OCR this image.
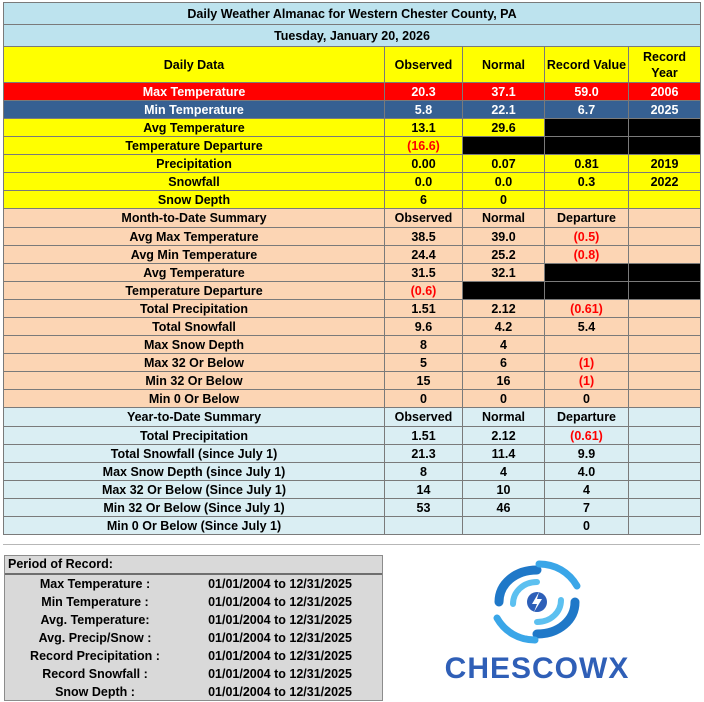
Daily Weather Almanac for Western Chester County, PA				
Tuesday, January 20, 2026				
Daily Data	Observed	Normal	Record Value	Record Year
Max Temperature	20.3	37.1	59.0	2006
Min Temperature	5.8	22.1	6.7	2025
Avg Temperature	13.1	29.6		
Temperature Departure	(16.6)			
Precipitation	0.00	0.07	0.81	2019
Snowfall	0.0	0.0	0.3	2022
Snow Depth	6	0		
Month-to-Date Summary	Observed	Normal	Departure	
Avg Max Temperature	38.5	39.0	(0.5)	
Avg Min Temperature	24.4	25.2	(0.8)	
Avg Temperature	31.5	32.1		
Temperature Departure	(0.6)			
Total Precipitation	1.51	2.12	(0.61)	
Total Snowfall	9.6	4.2	5.4	
Max Snow Depth	8	4		
Max 32 Or Below	5	6	(1)	
Min 32 Or Below	15	16	(1)	
Min 0 Or Below	0	0	0	
Year-to-Date Summary	Observed	Normal	Departure	
Total Precipitation	1.51	2.12	(0.61)	
Total Snowfall (since July 1)	21.3	11.4	9.9	
Max Snow Depth (since July 1)	8	4	4.0	
Max 32 Or Below (Since July 1)	14	10	4	
Min 32 Or Below (Since July 1)	53	46	7	
Min 0 Or Below (Since July 1)			0	
Period of Record:
Max Temperature :	01/01/2004 to 12/31/2025
Min Temperature :	01/01/2004 to 12/31/2025
Avg. Temperature:	01/01/2004 to 12/31/2025
Avg. Precip/Snow :	01/01/2004 to 12/31/2025
Record Precipitation :	01/01/2004 to 12/31/2025
Record Snowfall :	01/01/2004 to 12/31/2025
Snow Depth :	01/01/2004 to 12/31/2025
CHESCOWX
